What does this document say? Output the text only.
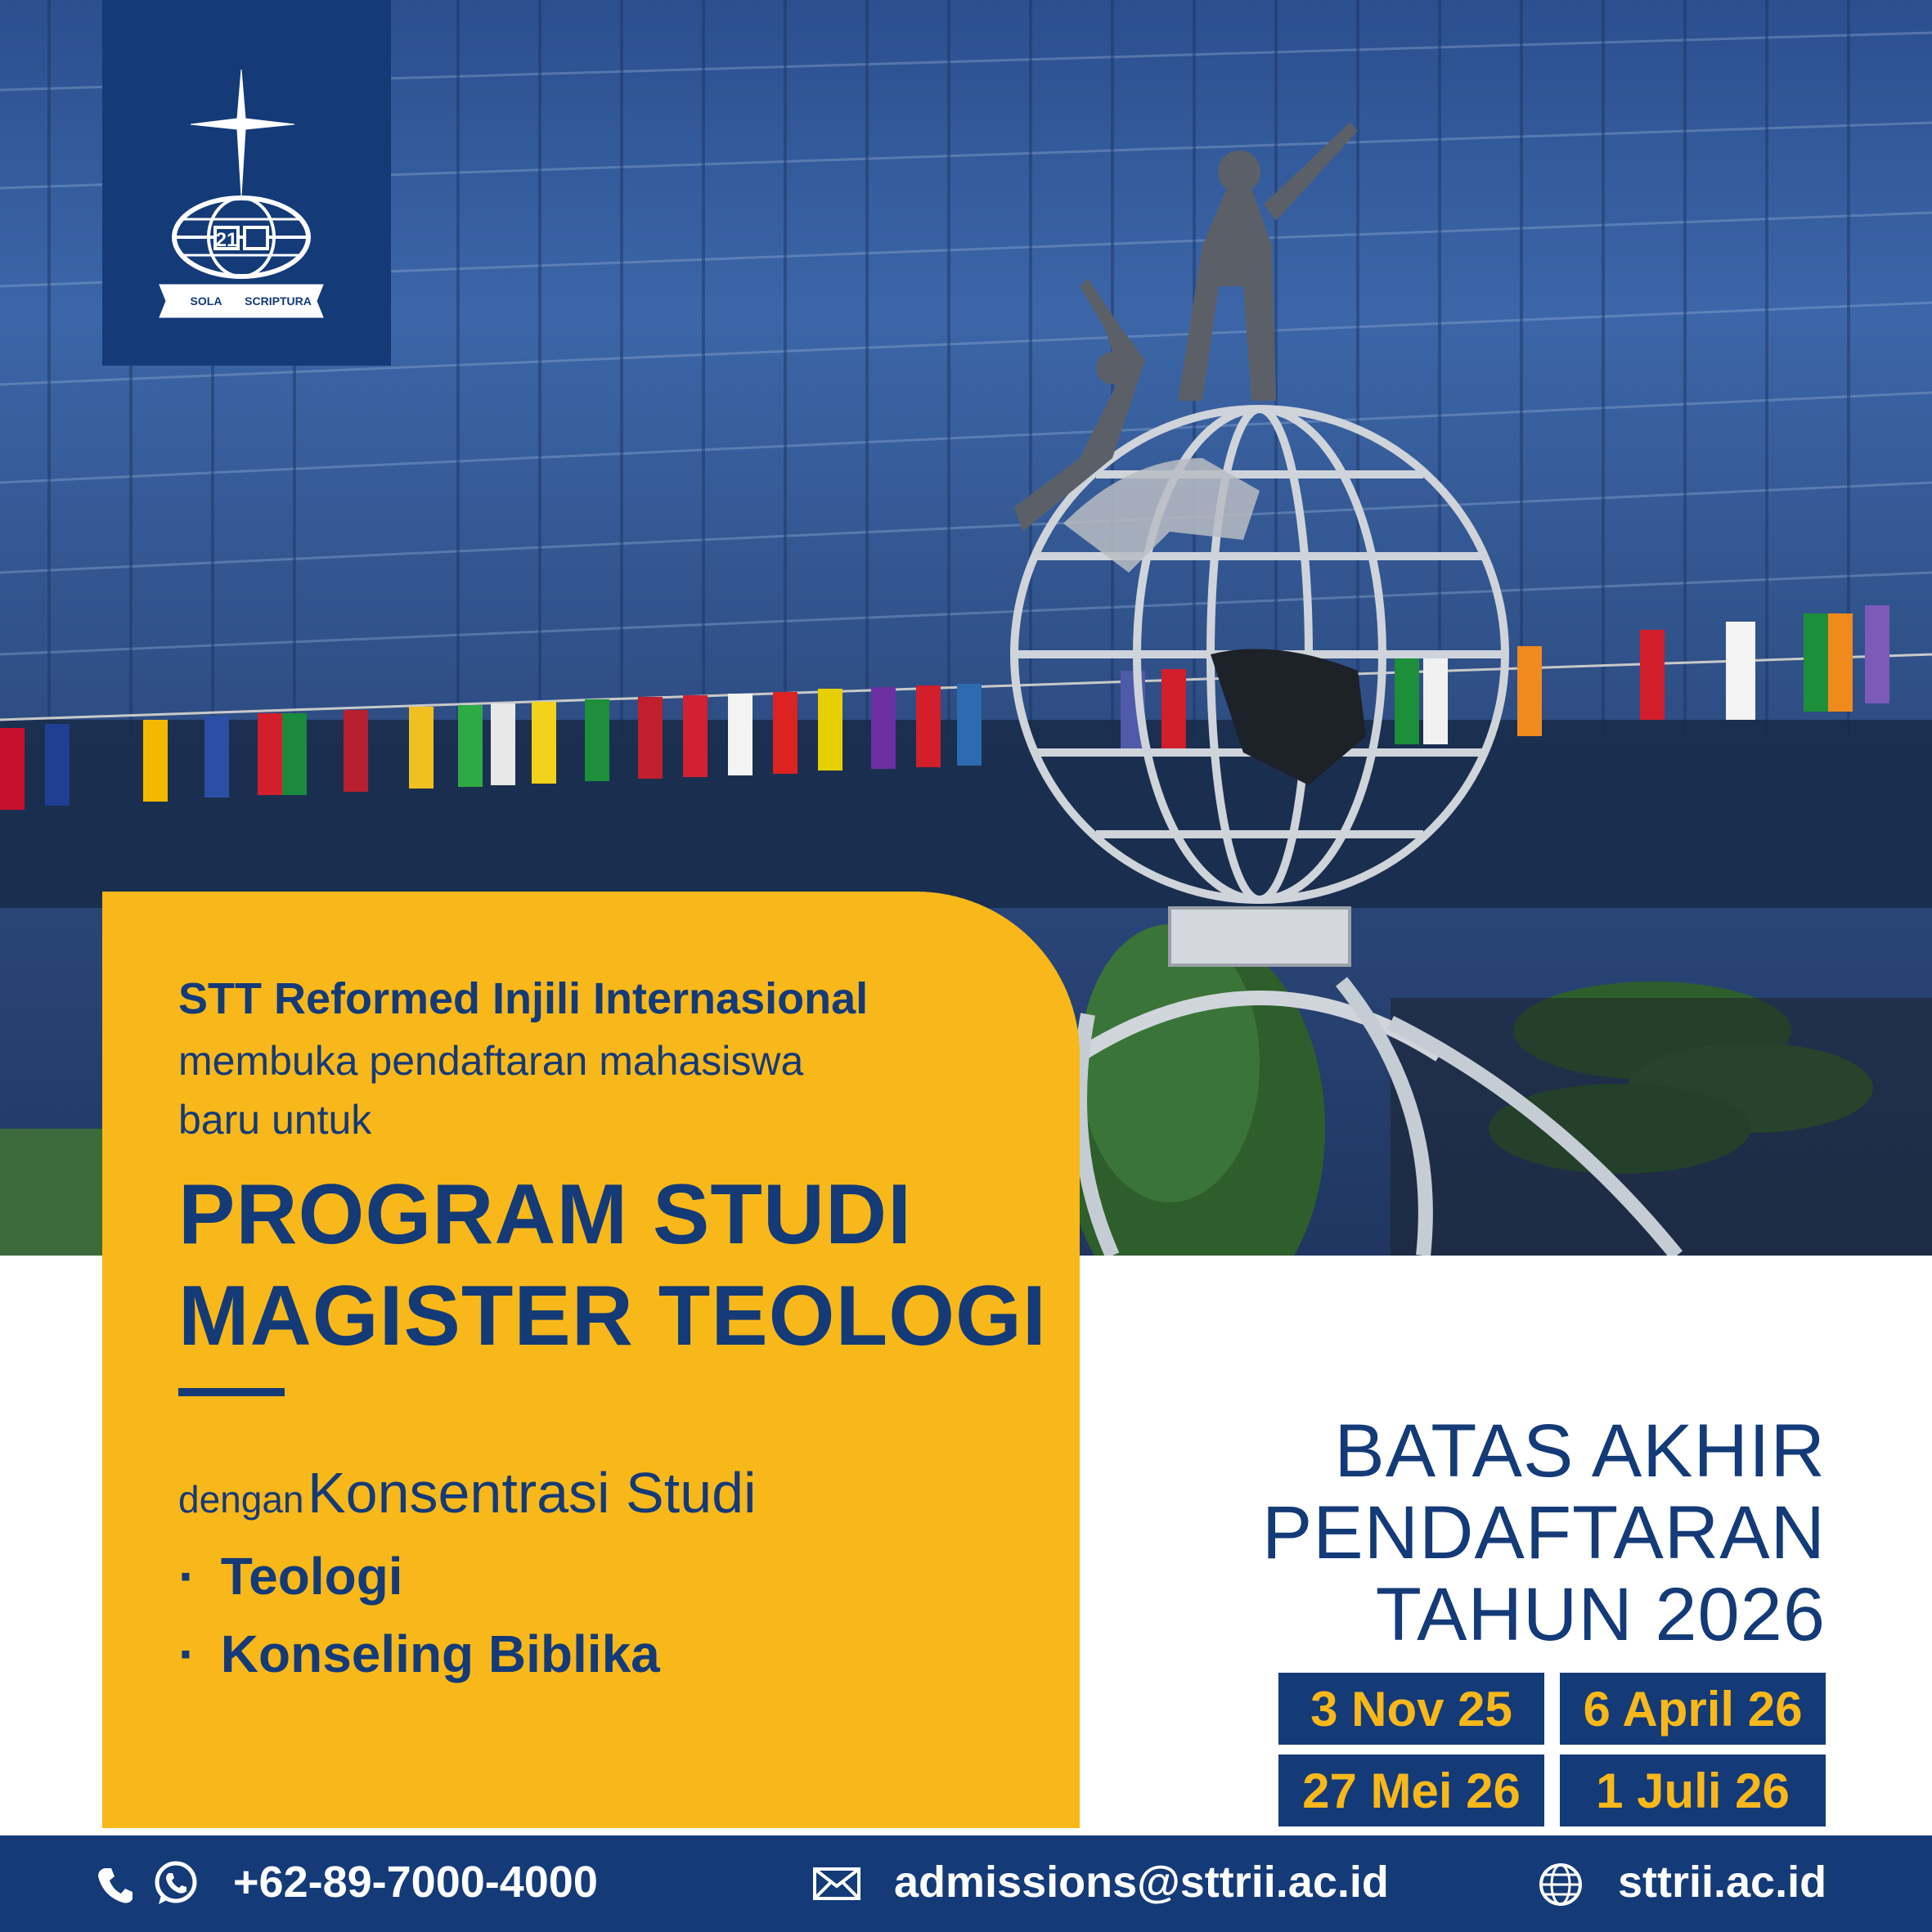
21
SOLA SCRIPTURA
STT Reformed Injili Internasional
membuka pendaftaran mahasiswa
baru untuk
PROGRAM STUDI
MAGISTER TEOLOGI
dengan Konsentrasi Studi
· Teologi
· Konseling Biblika
BATAS AKHIR
PENDAFTARAN
TAHUN 2026
3 Nov 25	6 April 26
27 Mei 26	1 Juli 26
+62-89-7000-4000	admissions@sttrii.ac.id	sttrii.ac.id
